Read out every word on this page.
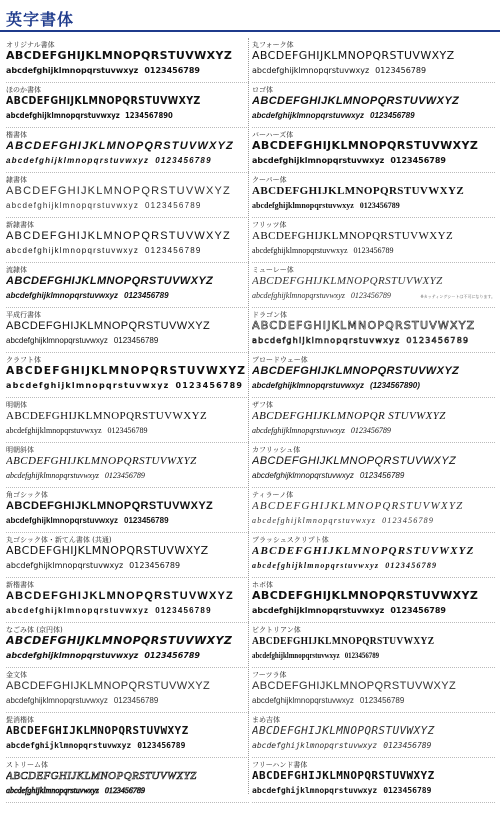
英字書体
オリジナル書体
ABCDEFGHIJKLMNOPQRSTUVWXYZ
abcdefghijklmnopqrstuvwxyz 0123456789
ほのか書体
ABCDEFGHIJKLMNOPQRSTUVWXYZ
abcdefghijklmnopqrstuvwxyz 1234567890
楷書体
ABCDEFGHIJKLMNOPQRSTUVWXYZ
abcdefghijklmnopqrstuvwxyz 0123456789
隷書体
ABCDEFGHIJKLMNOPQRSTUVWXYZ
abcdefghijklmnopqrstuvwxyz 0123456789
新隷書体
ABCDEFGHIJKLMNOPQRSTUVWXYZ
abcdefghijklmnopqrstuvwxyz 0123456789
流隷体
ABCDEFGHIJKLMNOPQRSTUVWXYZ
abcdefghijklmnopqrstuvwxyz 0123456789
平成行書体
ABCDEFGHIJKLMNOPQRSTUVWXYZ
abcdefghijklmnopqrstuvwxyz 0123456789
クラフト体
ABCDEFGHIJKLMNOPQRSTUVWXYZ
abcdefghijklmnopqrstuvwxyz 0123456789
明朝体
ABCDEFGHIJKLMNOPQRSTUVWXYZ
abcdefghijklmnopqrstuvwxyz 0123456789
明朝斜体
ABCDEFGHIJKLMNOPQRSTUVWXYZ
abcdefghijklmnopqrstuvwxyz 0123456789
角ゴシック体
ABCDEFGHIJKLMNOPQRSTUVWXYZ
abcdefghijklmnopqrstuvwxyz 0123456789
丸ゴシック体・新てん書体 (共通)
ABCDEFGHIJKLMNOPQRSTUVWXYZ
abcdefghijklmnopqrstuvwxyz 0123456789
新楷書体
ABCDEFGHIJKLMNOPQRSTUVWXYZ
abcdefghijklmnopqrstuvwxyz 0123456789
なごみ体 (京円体)
ABCDEFGHIJKLMNOPQRSTUVWXYZ
abcdefghijklmnopqrstuvwxyz 0123456789
金文体
ABCDEFGHIJKLMNOPQRSTUVWXYZ
abcdefghijklmnopqrstuvwxyz 0123456789
髭消楷体
ABCDEFGHIJKLMNOPQRSTUVWXYZ
abcdefghijklmnopqrstuvwxyz 0123456789
ストリーム体
ABCDEFGHIJKLMNOPQRSTUVWXYZ
abcdefghijklmnopqrstuvwxyz 0123456789
丸フォーク体
ABCDEFGHIJKLMNOPQRSTUVWXYZ
abcdefghijklmnopqrstuvwxyz 0123456789
ロゴ体
ABCDEFGHIJKLMNOPQRSTUVWXYZ
abcdefghijklmnopqrstuvwxyz 0123456789
バーハーズ体
ABCDEFGHIJKLMNOPQRSTUVWXYZ
abcdefghijklmnopqrstuvwxyz 0123456789
クーパー体
ABCDEFGHIJKLMNOPQRSTUVWXYZ
abcdefghijklmnopqrstuvwxyz 0123456789
フリッツ体
ABCDEFGHIJKLMNOPQRSTUVWXYZ
abcdefghijklmnopqrstuvwxyz 0123456789
ミューレー体
ABCDEFGHIJKLMNOPQRSTUVWXYZ
abcdefghijklmnopqrstuvwxyz 0123456789	※カッティングシートは不可になります。
ドラゴン体
ABCDEFGHIJKLMNOPQRSTUVWXYZ
abcdefghijklmnopqrstuvwxyz 0123456789
ブロードウェー体
ABCDEFGHIJKLMNOPQRSTUVWXYZ
abcdefghijklmnopqrstuvwxyz (1234567890)
ザフ体
ABCDEFGHIJKLMNOPQR STUVWXYZ
abcdefghijklmnopqrstuvwxyz 0123456789
カフリッシュ体
ABCDEFGHIJKLMNOPQRSTUVWXYZ
abcdefghijklmnopqrstuvwxyz 0123456789
ティラーノ体
ABCDEFGHIJKLMNOPQRSTUVWXYZ
abcdefghijklmnopqrstuvwxyz 0123456789
ブラッシュスクリプト体
ABCDEFGHIJKLMNOPQRSTUVWXYZ
abcdefghijklmnopqrstuvwxyz 0123456789
ホボ体
ABCDEFGHIJKLMNOPQRSTUVWXYZ
abcdefghijklmnopqrstuvwxyz 0123456789
ビクトリアン体
ABCDEFGHIJKLMNOPQRSTUVWXYZ
abcdefghijklmnopqrstuvwxyz 0123456789
フーツラ体
ABCDEFGHIJKLMNOPQRSTUVWXYZ
abcdefghijklmnopqrstuvwxyz 0123456789
まめ吉体
ABCDEFGHIJKLMNOPQRSTUVWXYZ
abcdefghijklmnopqrstuvwxyz 0123456789
フリーハンド書体
ABCDEFGHIJKLMNOPQRSTUVWXYZ
abcdefghijklmnopqrstuvwxyz 0123456789
